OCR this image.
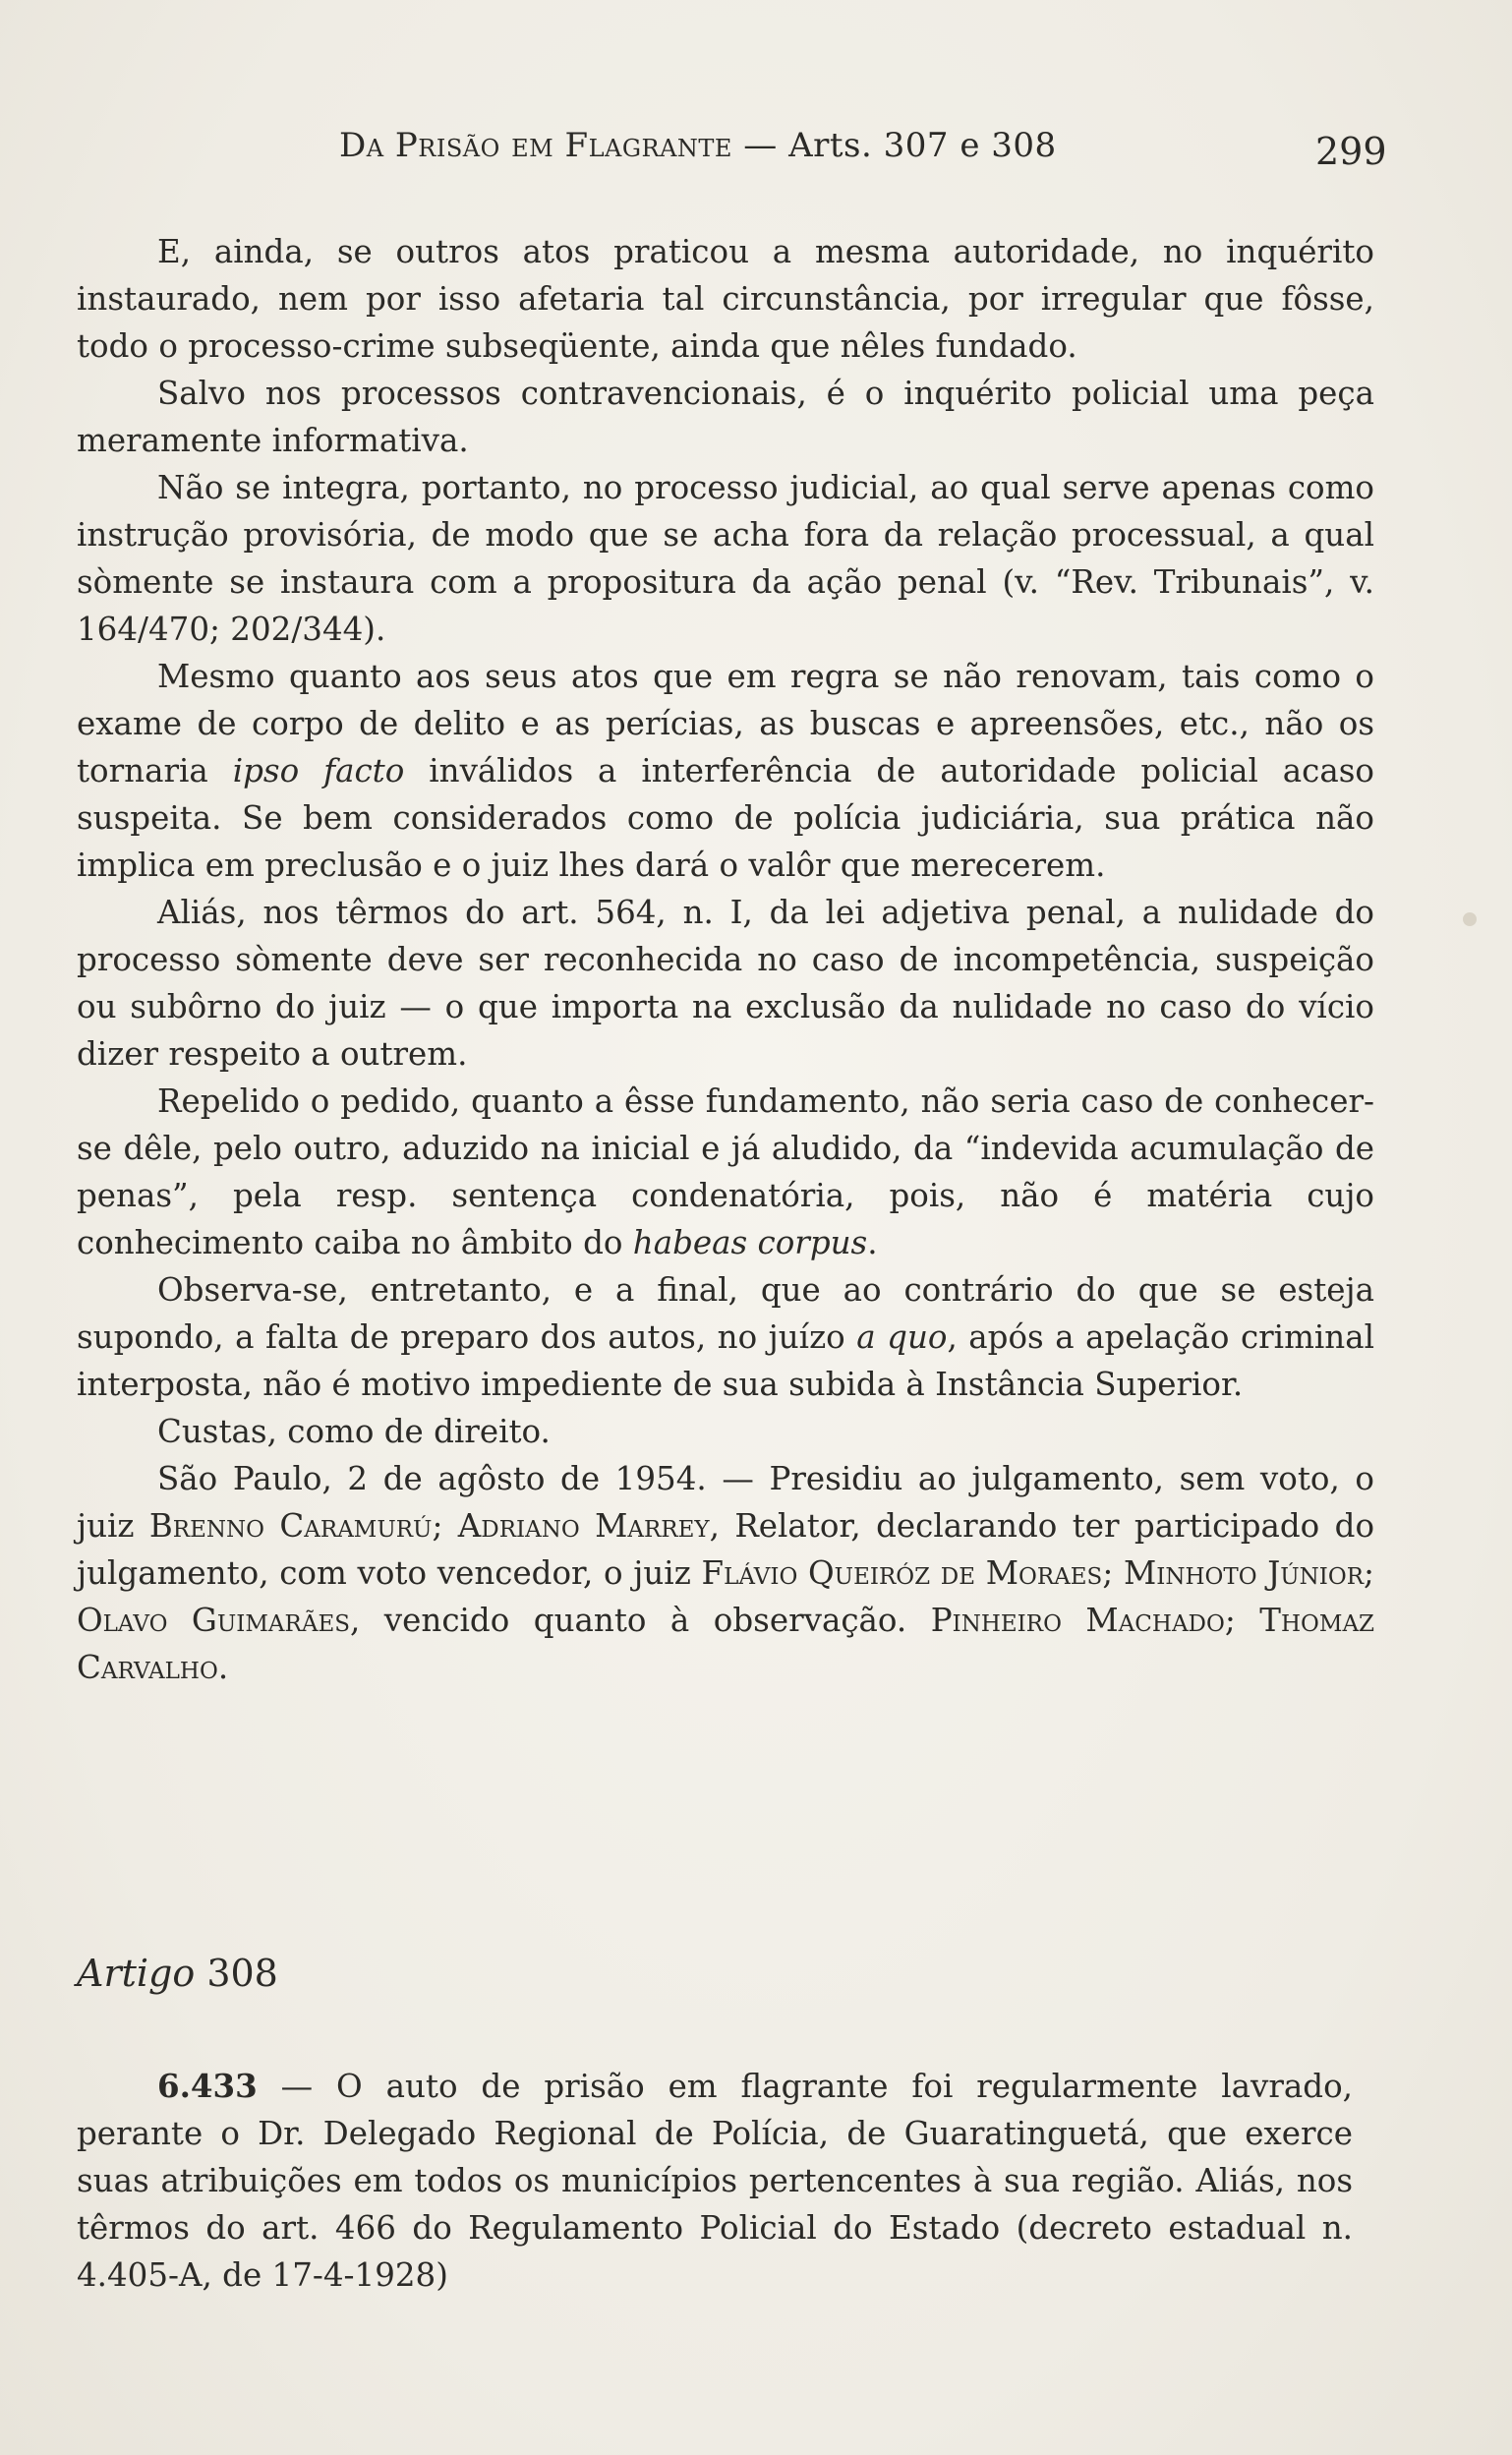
Da Prisão em Flagrante — Arts. 307 e 308	299

E, ainda, se outros atos praticou a mesma autoridade, no inquérito instaurado, nem por isso afetaria tal circunstância, por irregular que fôsse, todo o processo-crime subseqüente, ainda que nêles fundado.

Salvo nos processos contravencionais, é o inquérito policial uma peça meramente informativa.

Não se integra, portanto, no processo judicial, ao qual serve apenas como instrução provisória, de modo que se acha fora da relação processual, a qual sòmente se instaura com a propositura da ação penal (v. “Rev. Tribunais”, v. 164/470; 202/344).

Mesmo quanto aos seus atos que em regra se não renovam, tais como o exame de corpo de delito e as perícias, as buscas e apreensões, etc., não os tornaria ipso facto inválidos a interferência de autoridade policial acaso suspeita. Se bem considerados como de polícia judiciária, sua prática não implica em preclusão e o juiz lhes dará o valôr que merecerem.

Aliás, nos têrmos do art. 564, n. I, da lei adjetiva penal, a nulidade do processo sòmente deve ser reconhecida no caso de incompetência, suspeição ou subôrno do juiz — o que importa na exclusão da nulidade no caso do vício dizer respeito a outrem.

Repelido o pedido, quanto a êsse fundamento, não seria caso de conhecer-se dêle, pelo outro, aduzido na inicial e já aludido, da “indevida acumulação de penas”, pela resp. sentença condenatória, pois, não é matéria cujo conhecimento caiba no âmbito do habeas corpus.

Observa-se, entretanto, e a final, que ao contrário do que se esteja supondo, a falta de preparo dos autos, no juízo a quo, após a apelação criminal interposta, não é motivo impediente de sua subida à Instância Superior.

Custas, como de direito.

São Paulo, 2 de agôsto de 1954. — Presidiu ao julgamento, sem voto, o juiz Brenno Caramurú; Adriano Marrey, Relator, declarando ter participado do julgamento, com voto vencedor, o juiz Flávio Queiróz de Moraes; Minhoto Júnior; Olavo Guimarães, vencido quanto à observação. Pinheiro Machado; Thomaz Carvalho.

Artigo 308

6.433 — O auto de prisão em flagrante foi regularmente lavrado, perante o Dr. Delegado Regional de Polícia, de Guaratinguetá, que exerce suas atribuições em todos os municípios pertencentes à sua região. Aliás, nos têrmos do art. 466 do Regulamento Policial do Estado (decreto estadual n. 4.405-A, de 17-4-1928)
